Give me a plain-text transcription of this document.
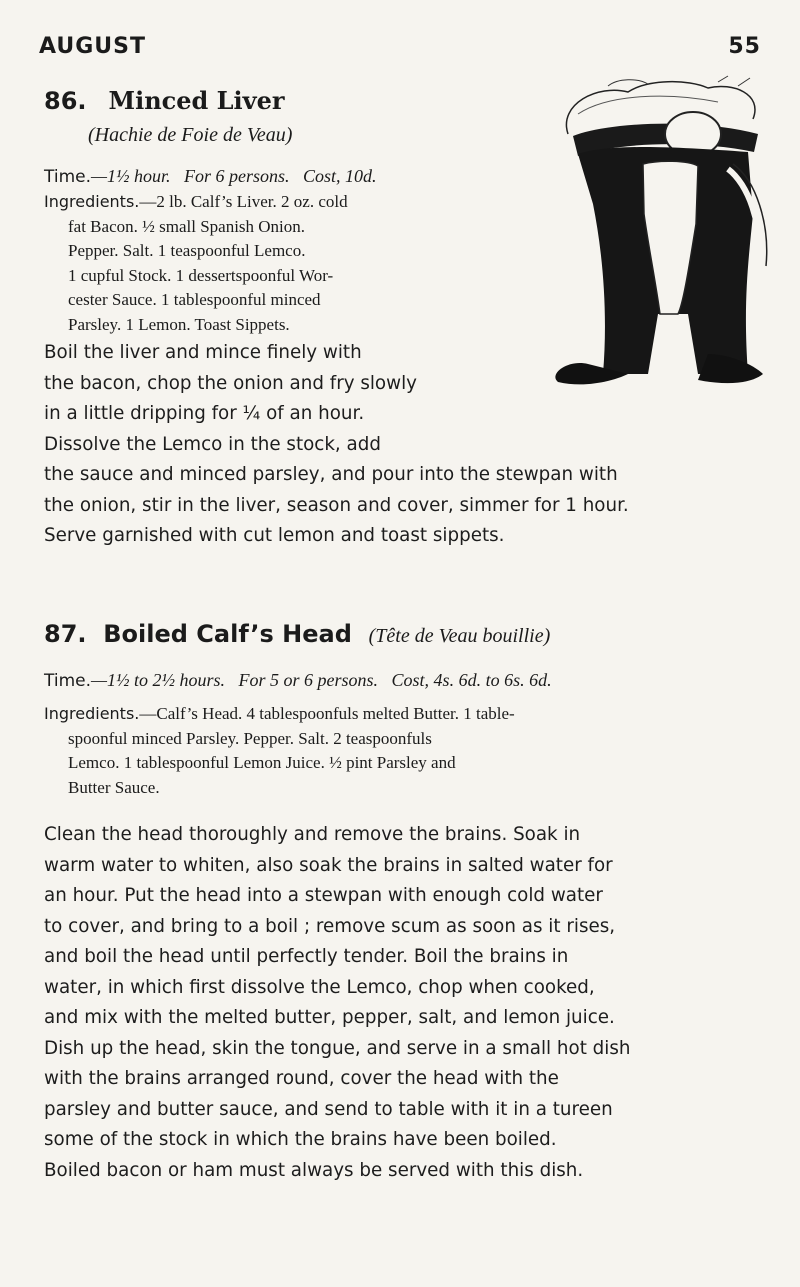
AUGUST	55
86. Minced Liver
(Hachie de Foie de Veau)
Time.—1½ hour. For 6 persons. Cost, 10d.
Ingredients.—2 lb. Calf’s Liver. 2 oz. cold
fat Bacon. ½ small Spanish Onion.
Pepper. Salt. 1 teaspoonful Lemco.
1 cupful Stock. 1 dessertspoonful Wor-
cester Sauce. 1 tablespoonful minced
Parsley. 1 Lemon. Toast Sippets.
Boil the liver and mince finely with
the bacon, chop the onion and fry slowly
in a little dripping for ¼ of an hour.
Dissolve the Lemco in the stock, add
the sauce and minced parsley, and pour into the stewpan with
the onion, stir in the liver, season and cover, simmer for 1 hour.
Serve garnished with cut lemon and toast sippets.
87. Boiled Calf’s Head (Tête de Veau bouillie)
Time.—1½ to 2½ hours. For 5 or 6 persons. Cost, 4s. 6d. to 6s. 6d.
Ingredients.—Calf’s Head. 4 tablespoonfuls melted Butter. 1 table-
spoonful minced Parsley. Pepper. Salt. 2 teaspoonfuls
Lemco. 1 tablespoonful Lemon Juice. ½ pint Parsley and
Butter Sauce.
Clean the head thoroughly and remove the brains. Soak in
warm water to whiten, also soak the brains in salted water for
an hour. Put the head into a stewpan with enough cold water
to cover, and bring to a boil ; remove scum as soon as it rises,
and boil the head until perfectly tender. Boil the brains in
water, in which first dissolve the Lemco, chop when cooked,
and mix with the melted butter, pepper, salt, and lemon juice.
Dish up the head, skin the tongue, and serve in a small hot dish
with the brains arranged round, cover the head with the
parsley and butter sauce, and send to table with it in a tureen
some of the stock in which the brains have been boiled.
Boiled bacon or ham must always be served with this dish.
